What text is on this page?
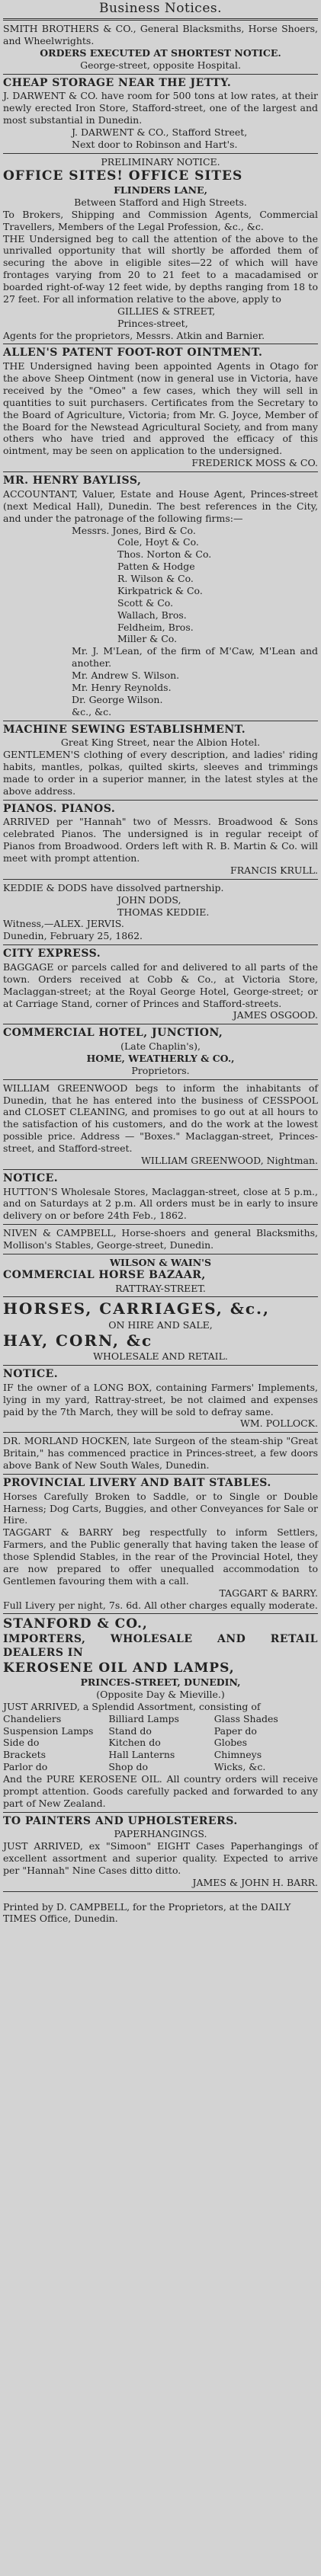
Business Notices.

SMITH BROTHERS & CO., General Blacksmiths, Horse Shoers, and Wheelwrights.

ORDERS EXECUTED AT SHORTEST NOTICE.

George-street, opposite Hospital.

CHEAP STORAGE NEAR THE JETTY.

J. DARWENT & CO. have room for 500 tons at low rates, at their newly erected Iron Store, Stafford-street, one of the largest and most substantial in Dunedin.

J. DARWENT & CO., Stafford Street,

Next door to Robinson and Hart's.

PRELIMINARY NOTICE.

OFFICE SITES! OFFICE SITES

FLINDERS LANE,

Between Stafford and High Streets.

To Brokers, Shipping and Commission Agents, Commercial Travellers, Members of the Legal Profession, &c., &c.

THE Undersigned beg to call the attention of the above to the unrivalled opportunity that will shortly be afforded them of securing the above in eligible sites—22 of which will have frontages varying from 20 to 21 feet to a macadamised or boarded right-of-way 12 feet wide, by depths ranging from 18 to 27 feet. For all information relative to the above, apply to

GILLIES & STREET,

Princes-street,

Agents for the proprietors, Messrs. Atkin and Barnier.

ALLEN'S PATENT FOOT-ROT OINTMENT.

THE Undersigned having been appointed Agents in Otago for the above Sheep Ointment (now in general use in Victoria, have received by the "Omeo" a few cases, which they will sell in quantities to suit purchasers. Certificates from the Secretary to the Board of Agriculture, Victoria; from Mr. G. Joyce, Member of the Board for the Newstead Agricultural Society, and from many others who have tried and approved the efficacy of this ointment, may be seen on application to the undersigned.

FREDERICK MOSS & CO.

MR. HENRY BAYLISS,

ACCOUNTANT, Valuer, Estate and House Agent, Princes-street (next Medical Hall), Dunedin. The best references in the City, and under the patronage of the following firms:—

Messrs. Jones, Bird & Co.

Cole, Hoyt & Co.

Thos. Norton & Co.

Patten & Hodge

R. Wilson & Co.

Kirkpatrick & Co.

Scott & Co.

Wallach, Bros.

Feldheim, Bros.

Miller & Co.

Mr. J. M'Lean, of the firm of M'Caw, M'Lean and another.

Mr. Andrew S. Wilson.

Mr. Henry Reynolds.

Dr. George Wilson.

&c., &c.

MACHINE SEWING ESTABLISHMENT.

Great King Street, near the Albion Hotel.

GENTLEMEN'S clothing of every description, and ladies' riding habits, mantles, polkas, quilted skirts, sleeves and trimmings made to order in a superior manner, in the latest styles at the above address.

PIANOS. PIANOS.

ARRIVED per "Hannah" two of Messrs. Broadwood & Sons celebrated Pianos. The undersigned is in regular receipt of Pianos from Broadwood. Orders left with R. B. Martin & Co. will meet with prompt attention.

FRANCIS KRULL.

KEDDIE & DODS have dissolved partnership.

JOHN DODS,

THOMAS KEDDIE.

Witness,—ALEX. JERVIS.

Dunedin, February 25, 1862.

CITY EXPRESS.

BAGGAGE or parcels called for and delivered to all parts of the town. Orders received at Cobb & Co., at Victoria Store, Maclaggan-street; at the Royal George Hotel, George-street; or at Carriage Stand, corner of Princes and Stafford-streets.

JAMES OSGOOD.

COMMERCIAL HOTEL, JUNCTION,

(Late Chaplin's),

HOME, WEATHERLY & CO.,

Proprietors.

WILLIAM GREENWOOD begs to inform the inhabitants of Dunedin, that he has entered into the business of CESSPOOL and CLOSET CLEANING, and promises to go out at all hours to the satisfaction of his customers, and do the work at the lowest possible price. Address — "Boxes." Maclaggan-street, Princes-street, and Stafford-street.

WILLIAM GREENWOOD, Nightman.

NOTICE.

HUTTON'S Wholesale Stores, Maclaggan-street, close at 5 p.m., and on Saturdays at 2 p.m. All orders must be in early to insure delivery on or before 24th Feb., 1862.

NIVEN & CAMPBELL, Horse-shoers and general Blacksmiths, Mollison's Stables, George-street, Dunedin.

WILSON & WAIN'S

COMMERCIAL HORSE BAZAAR,

RATTRAY-STREET.

HORSES, CARRIAGES, &c.,

ON HIRE AND SALE,

HAY, CORN, &c

WHOLESALE AND RETAIL.

NOTICE.

IF the owner of a LONG BOX, containing Farmers' Implements, lying in my yard, Rattray-street, be not claimed and expenses paid by the 7th March, they will be sold to defray same.

WM. POLLOCK.

DR. MORLAND HOCKEN, late Surgeon of the steam-ship "Great Britain," has commenced practice in Princes-street, a few doors above Bank of New South Wales, Dunedin.

PROVINCIAL LIVERY AND BAIT STABLES.

Horses Carefully Broken to Saddle, or to Single or Double Harness; Dog Carts, Buggies, and other Conveyances for Sale or Hire.

TAGGART & BARRY beg respectfully to inform Settlers, Farmers, and the Public generally that having taken the lease of those Splendid Stables, in the rear of the Provincial Hotel, they are now prepared to offer unequalled accommodation to Gentlemen favouring them with a call.

TAGGART & BARRY.

Full Livery per night, 7s. 6d. All other charges equally moderate.

STANFORD & CO.,

IMPORTERS, WHOLESALE AND RETAIL DEALERS IN

KEROSENE OIL AND LAMPS,

PRINCES-STREET, DUNEDIN,

(Opposite Day & Mieville.)

JUST ARRIVED, a Splendid Assortment, consisting of

Chandeliers

Suspension Lamps

Side do

Brackets

Parlor do

Billiard Lamps

Stand do

Kitchen do

Hall Lanterns

Shop do

Glass Shades

Paper do

Globes

Chimneys

Wicks, &c.

And the PURE KEROSENE OIL. All country orders will receive prompt attention. Goods carefully packed and forwarded to any part of New Zealand.

TO PAINTERS AND UPHOLSTERERS.

PAPERHANGINGS.

JUST ARRIVED, ex "Simoon" EIGHT Cases Paperhangings of excellent assortment and superior quality. Expected to arrive per "Hannah" Nine Cases ditto ditto.

JAMES & JOHN H. BARR.

Printed by D. CAMPBELL, for the Proprietors, at the DAILY TIMES Office, Dunedin.
